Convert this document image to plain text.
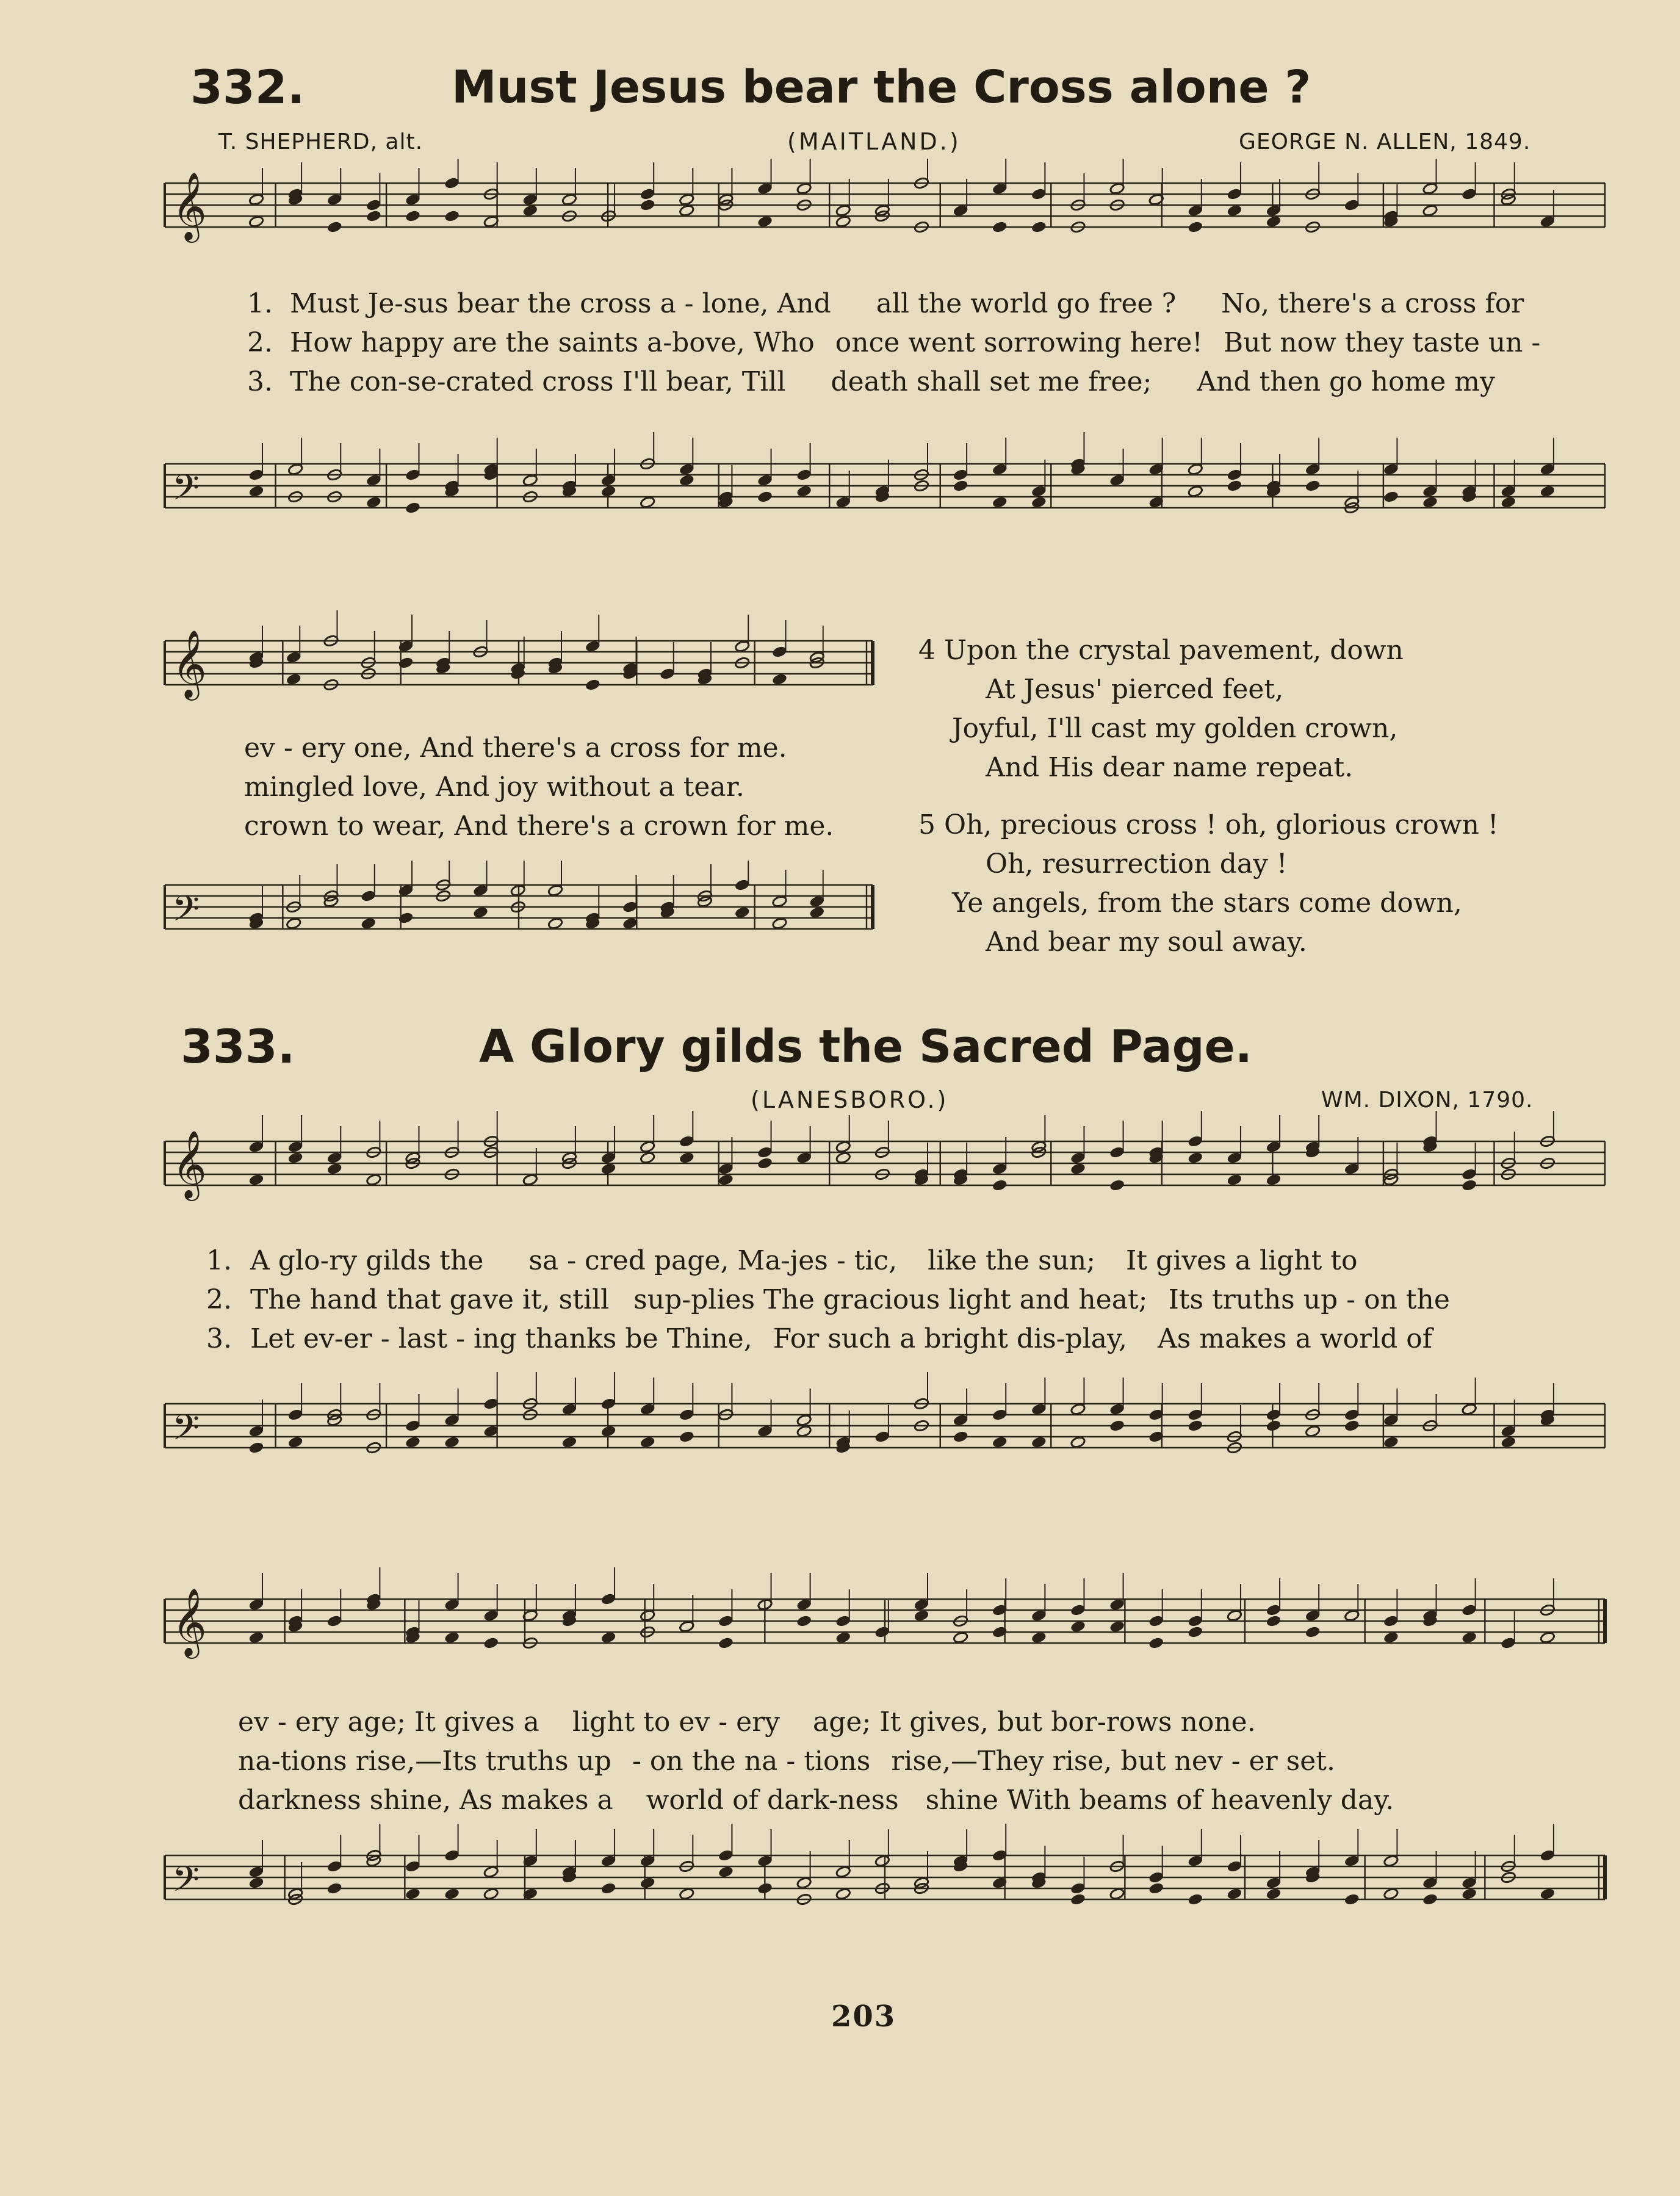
332.	Must Jesus bear the Cross alone ?
T. SHEPHERD, alt.	(MAITLAND.)	GEORGE N. ALLEN, 1849.
𝄞
𝄢
1. Must Je-sus bear the cross a - lone, And all the world go free ? No, there's a cross for
2. How happy are the saints a-bove, Who once went sorrowing here! But now they taste un -
3. The con-se-crated cross I'll bear, Till death shall set me free; And then go home my
𝄞
𝄢
ev - ery one, And there's a cross for me.
mingled love, And joy without a tear.
crown to wear, And there's a crown for me.
4 Upon the crystal pavement, down
At Jesus' pierced feet,
Joyful, I'll cast my golden crown,
And His dear name repeat.
5 Oh, precious cross ! oh, glorious crown !
Oh, resurrection day !
Ye angels, from the stars come down,
And bear my soul away.
333.	A Glory gilds the Sacred Page.
(LANESBORO.)	WM. DIXON, 1790.
𝄞
𝄢
1. A glo-ry gilds the sa - cred page, Ma-jes - tic, like the sun; It gives a light to
2. The hand that gave it, still sup-plies The gracious light and heat; Its truths up - on the
3. Let ev-er - last - ing thanks be Thine, For such a bright dis-play, As makes a world of
𝄞
𝄢
ev - ery age; It gives a light to ev - ery age; It gives, but bor-rows none.
na-tions rise,—Its truths up - on the na - tions rise,—They rise, but nev - er set.
darkness shine, As makes a world of dark-ness shine With beams of heavenly day.
203
